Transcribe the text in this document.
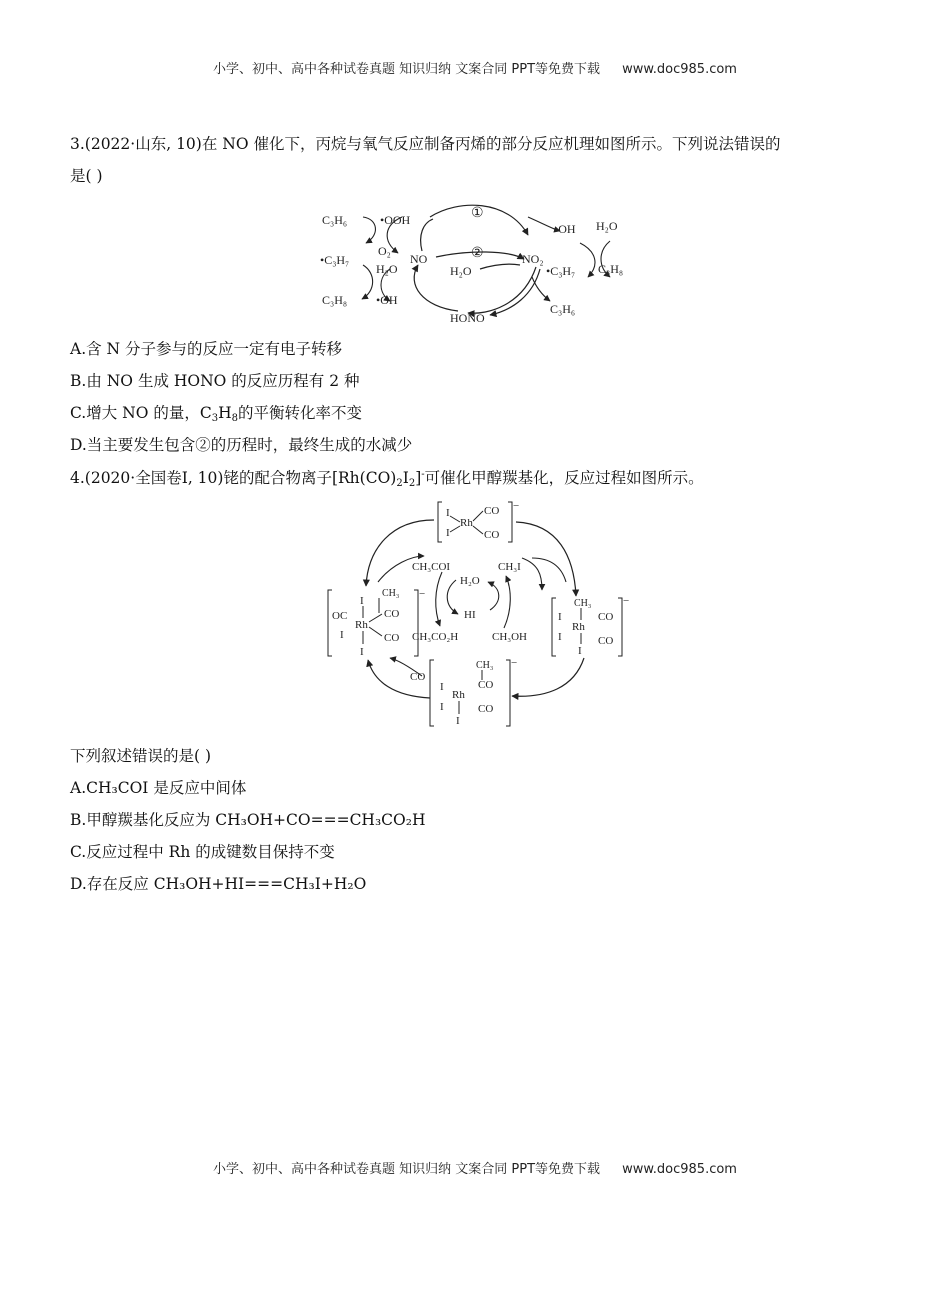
小学、初中、高中各种试卷真题 知识归纳 文案合同 PPT等免费下载 www.doc985.com
3.(2022·山东, 10)在 NO 催化下，丙烷与氧气反应制备丙烯的部分反应机理如图所示。下列说法错误的
是( )
C₃H₆	•OOH
O₂
•C₃H₇
H₂O
C₃H₈ •OH
①
②
NO
H₂O
NO₂
•OH H₂O
•C₃H₇ C₃H₈
C₃H₆
HONO
A.含 N 分子参与的反应一定有电子转移
B.由 NO 生成 HONO 的反应历程有 2 种
C.增大 NO 的量，$C_3H_8$的平衡转化率不变
D.当主要发生包含②的历程时，最终生成的水减少
4.(2020·全国卷Ⅰ, 10)铑的配合物离子$[Rh(CO)_2I_2]^-$可催化甲醇羰基化，反应过程如图所示。
−
I
I
Rh
CO
CO
−
CH₃
I
OC	CO
Rh
I	CO
I
−
CH₃
I
Rh
CO
I	CO
I
−
CH₃
CO
I
Rh
I	CO
I
CH₃COI	CH₃I
H₂O
HI
CH₃CO₂H	CH₃OH
CO
下列叙述错误的是( )
A.CH₃COI 是反应中间体
B.甲醇羰基化反应为 CH₃OH+CO===CH₃CO₂H
C.反应过程中 Rh 的成键数目保持不变
D.存在反应 CH₃OH+HI===CH₃I+H₂O
小学、初中、高中各种试卷真题 知识归纳 文案合同 PPT等免费下载 www.doc985.com
